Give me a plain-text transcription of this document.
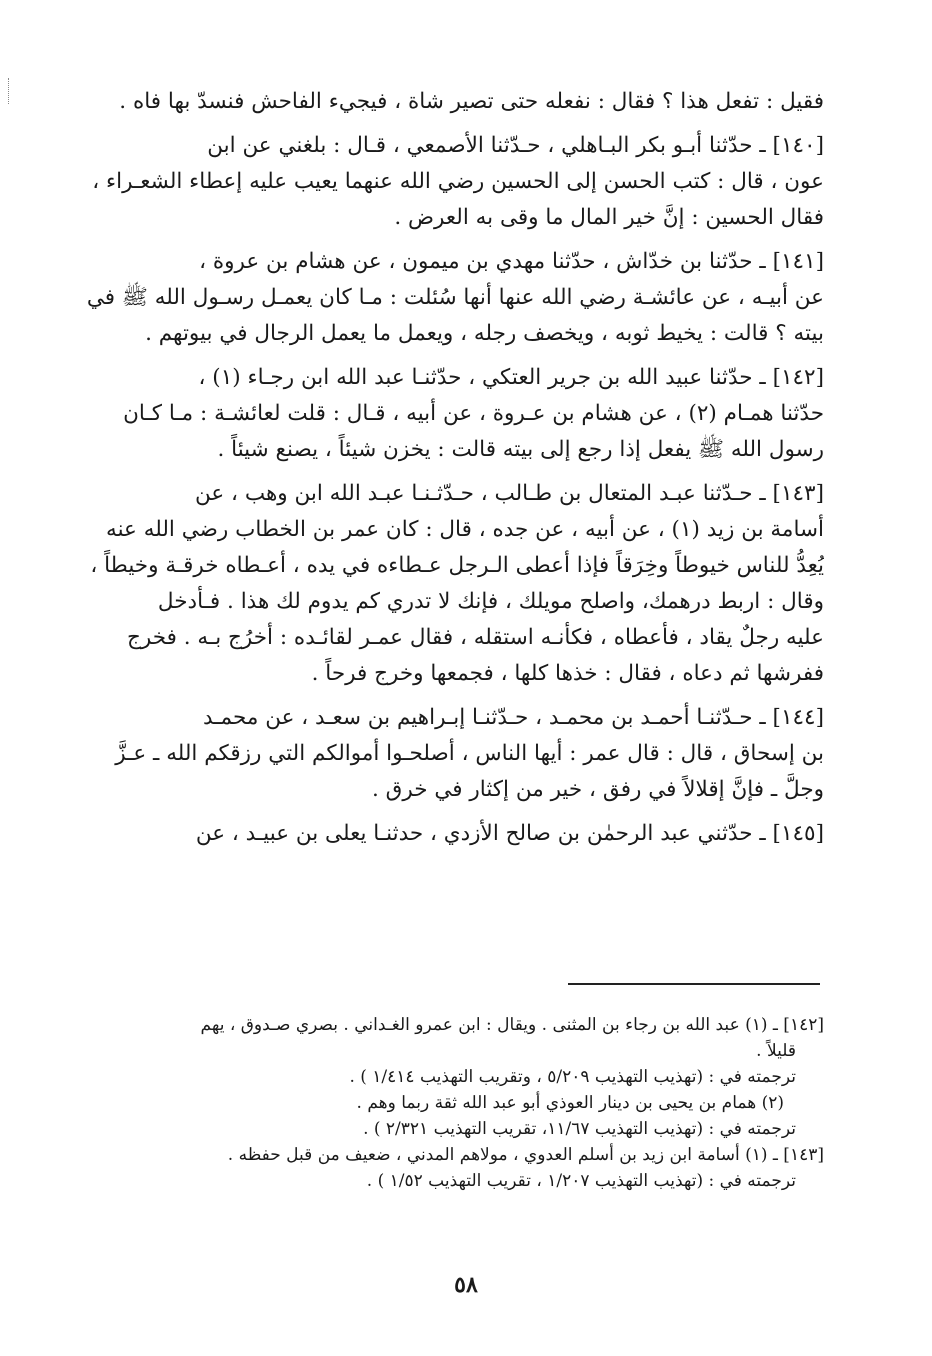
فقيل : تفعل هذا ؟ فقال : نفعله حتى تصير شاة ، فيجيء الفاحش فنسدّ بها فاه .
[١٤٠] ـ حدّثنا أبـو بكر البـاهلي ، حـدّثنا الأصمعي ، قـال : بلغني عن ابن
عون ، قال : كتب الحسن إلى الحسين رضي الله عنهما يعيب عليه إعطاء الشعـراء ،
فقال الحسين : إنَّ خير المال ما وقى به العرض .
[١٤١] ـ حدّثنا بن خدّاش ، حدّثنا مهدي بن ميمون ، عن هشام بن عروة ،
عن أبيـه ، عن عائشـة رضي الله عنها أنها سُئلت : مـا كان يعمـل رسـول الله ﷺ في
بيته ؟ قالت : يخيط ثوبه ، ويخصف رجله ، ويعمل ما يعمل الرجال في بيوتهم .
[١٤٢] ـ حدّثنا عبيد الله بن جرير العتكي ، حدّثنـا عبد الله ابن رجـاء (١) ،
حدّثنا همـام (٢) ، عن هشام بن عـروة ، عن أبيه ، قـال : قلت لعائشـة : مـا كـان
رسول الله ﷺ يفعل إذا رجع إلى بيته قالت : يخزن شيئاً ، يصنع شيئاً .
[١٤٣] ـ حـدّثنا عبـد المتعال بن طـالب ، حـدّثـنـا عبـد الله ابن وهب ، عن
أسامة بن زيد (١) ، عن أبيه ، عن جده ، قال : كان عمر بن الخطاب رضي الله عنه
يُعِدُّ للناس خيوطاً وخِرَقاً فإذا أعطى الـرجل عـطاءه في يده ، أعـطاه خرقـة وخيطاً ،
وقال : اربط درهمك، واصلح مويلك ، فإنك لا تدري كم يدوم لك هذا . فـأدخل
عليه رجلٌ يقاد ، فأعطاه ، فكأنـه استقله ، فقال عمـر لقائـده : أخرُج بـه . فخرج
ففرشها ثم دعاه ، فقال : خذها كلها ، فجمعها وخرج فرحاً .
[١٤٤] ـ حـدّثنـا أحمـد بن محمـد ، حـدّثنـا إبـراهيم بن سعـد ، عن محمـد
بن إسحاق ، قال : قال عمر : أيها الناس ، أصلحـوا أموالكم التي رزقكم الله ـ عـزَّ
وجلَّ ـ فإنَّ إقلالاً في رفق ، خير من إكثار في خرق .
[١٤٥] ـ حدّثني عبد الرحمٰن بن صالح الأزدي ، حدثنـا يعلى بن عبيـد ، عن
[١٤٢] ـ (١) عبد الله بن رجاء بن المثنى . ويقال : ابن عمرو الغـداني . بصري صـدوق ، يهم
قليلاً .
ترجمته في : (تهذيب التهذيب ٥/٢٠٩ ، وتقريب التهذيب ١/٤١٤ ) .
(٢) همام بن يحيى بن دينار العوذي أبو عبد الله ثقة ربما وهم .
ترجمته في : (تهذيب التهذيب ١١/٦٧، تقريب التهذيب ٢/٣٢١ ) .
[١٤٣] ـ (١) أسامة ابن زيد بن أسلم العدوي ، مولاهم المدني ، ضعيف من قبل حفظه .
ترجمته في : (تهذيب التهذيب ١/٢٠٧ ، تقريب التهذيب ١/٥٢ ) .
٥٨
